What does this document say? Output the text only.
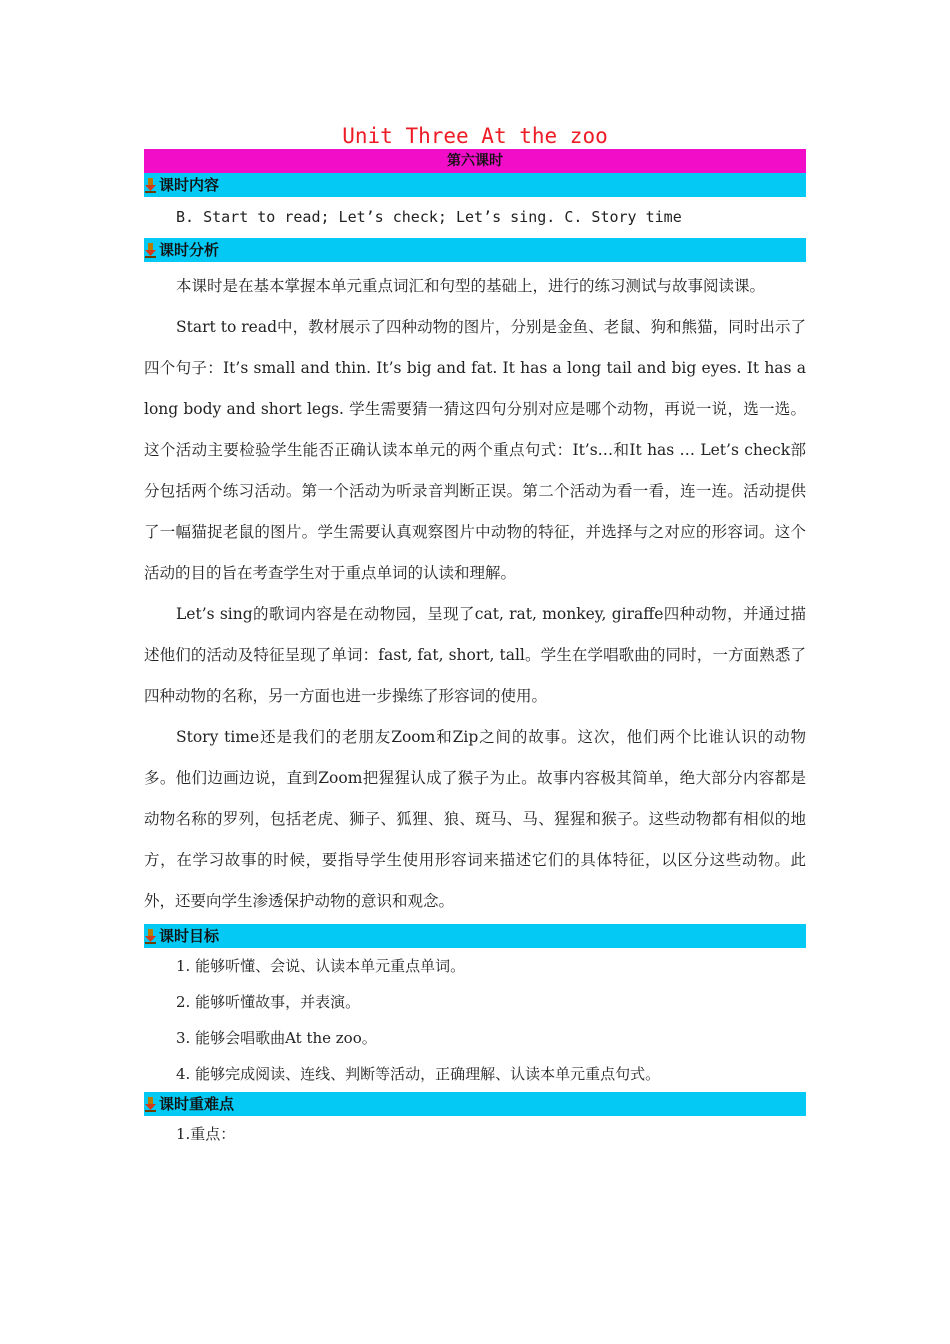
Unit Three At the zoo
第六课时
课时内容

B. Start to read; Let’s check; Let’s sing. C. Story time

课时分析

本课时是在基本掌握本单元重点词汇和句型的基础上，进行的练习测试与故事阅读课。

Start to read中，教材展示了四种动物的图片，分别是金鱼、老鼠、狗和熊猫，同时出示了四个句子：It’s small and thin. It’s big and fat. It has a long tail and big eyes. It has a long body and short legs. 学生需要猜一猜这四句分别对应是哪个动物，再说一说，选一选。这个活动主要检验学生能否正确认读本单元的两个重点句式：It’s…和It has … Let’s check部分包括两个练习活动。第一个活动为听录音判断正误。第二个活动为看一看，连一连。活动提供了一幅猫捉老鼠的图片。学生需要认真观察图片中动物的特征，并选择与之对应的形容词。这个活动的目的旨在考查学生对于重点单词的认读和理解。

Let’s sing的歌词内容是在动物园，呈现了cat, rat, monkey, giraffe四种动物，并通过描述他们的活动及特征呈现了单词：fast, fat, short, tall。学生在学唱歌曲的同时，一方面熟悉了四种动物的名称，另一方面也进一步操练了形容词的使用。

Story time还是我们的老朋友Zoom和Zip之间的故事。这次，他们两个比谁认识的动物多。他们边画边说，直到Zoom把猩猩认成了猴子为止。故事内容极其简单，绝大部分内容都是动物名称的罗列，包括老虎、狮子、狐狸、狼、斑马、马、猩猩和猴子。这些动物都有相似的地方，在学习故事的时候，要指导学生使用形容词来描述它们的具体特征，以区分这些动物。此外，还要向学生渗透保护动物的意识和观念。

课时目标

1. 能够听懂、会说、认读本单元重点单词。

2. 能够听懂故事，并表演。

3. 能够会唱歌曲At the zoo。

4. 能够完成阅读、连线、判断等活动，正确理解、认读本单元重点句式。

课时重难点

1.重点：
